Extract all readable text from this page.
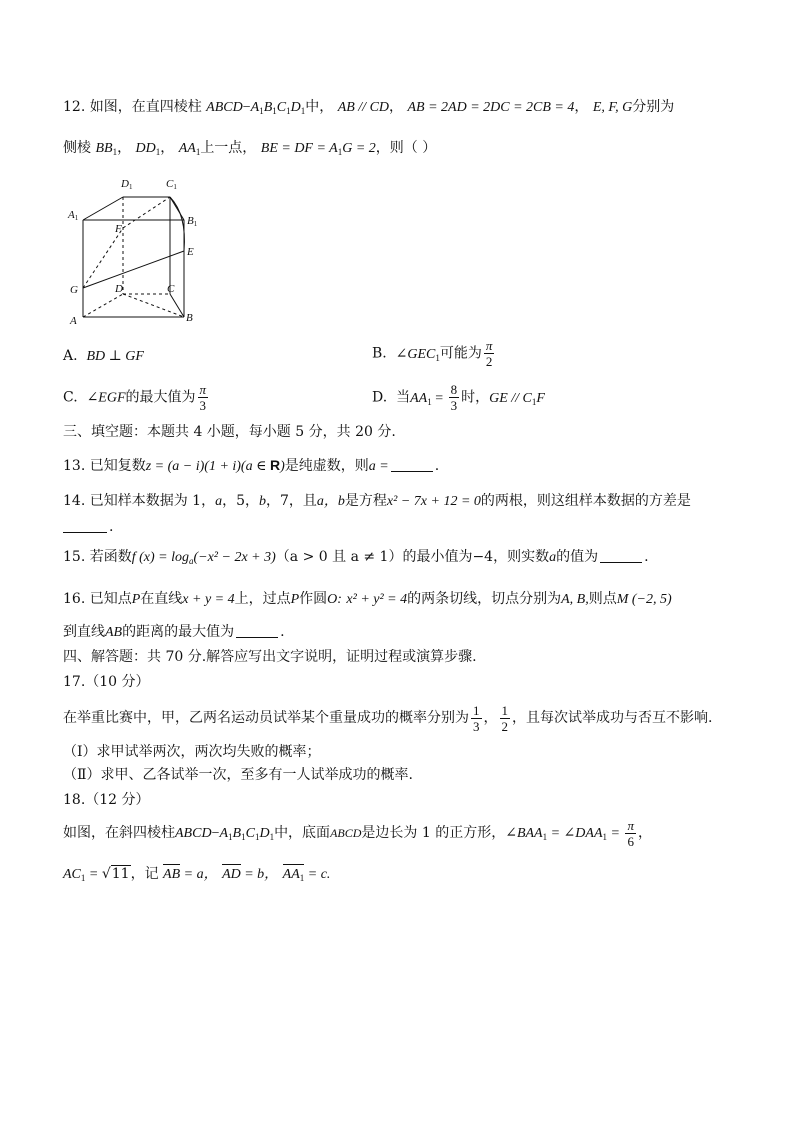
12. 如图，在直四棱柱 $ABCD-A_1B_1C_1D_1$中， AB // CD， AB = 2AD = 2DC = 2CB = 4， E, F, G分别为
侧棱 $BB_1$， $DD_1$， $AA_1$上一点， BE = DF = $A_1G = 2$，则（ ）
D1	C1
A1	B1
F
E
G	D	C
A	B
A. BD ⊥ GF	B. $\angle GEC_1$可能为 $\frac{\pi}{2}$
C. ∠EGF的最大值为 $\frac{\pi}{3}$	D. 当$AA_1 = \frac{8}{3}$ 时，GE // $C_1F$
三、填空题：本题共 4 小题，每小题 5 分，共 20 分.
13. 已知复数z = (a − i)(1 + i)(a ∈ R)是纯虚数，则a =	.
14. 已知样本数据为 1，a，5，b，7，且a，b是方程x² − 7x + 12 = 0的两根，则这组样本数据的方差是
.
15. 若函数f $(x) = \log_a(-x^2 - 2x + 3)(a > 0$ 且 a ≠ 1）的最小值为−4，则实数a的值为	.
16. 已知点P在直线x + y = 4上，过点P作圆O: x² + y² = 4的两条切线，切点分别为A, B,则点M (−2, 5)
到直线AB的距离的最大值为	.
四、解答题：共 70 分.解答应写出文字说明，证明过程或演算步骤.
17.（10 分）
在举重比赛中，甲，乙两名运动员试举某个重量成功的概率分别为 $\frac{1}{3}$ ， $\frac{1}{2}$ ，且每次试举成功与否互不影响.
（Ⅰ）求甲试举两次，两次均失败的概率；
（Ⅱ）求甲、乙各试举一次，至多有一人试举成功的概率.
18.（12 分）
如图，在斜四棱柱$ABCD-A_1B_1C_1D_1$中，底面ABCD是边长为 1 的正方形，$\angle BAA_1$ = $\angle DAA_1 = \frac{\pi}{6}$ ，
$AC_1 = √11$，记 AB = a， AD = b， $AA_1 = c$.
